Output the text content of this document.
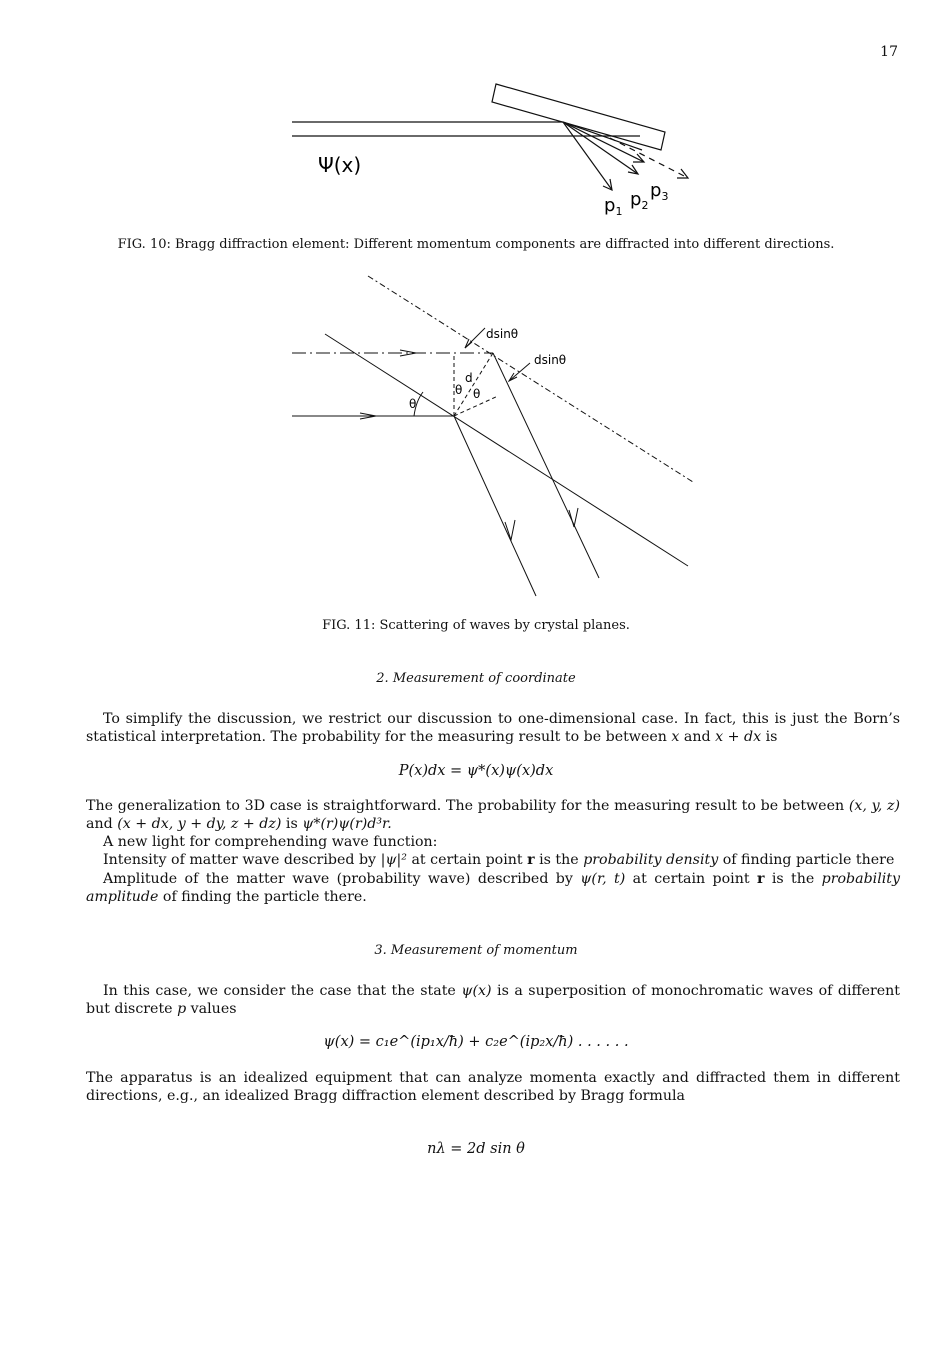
17
Ψ(x)
$p_1$
$p_2$
$p_3$
FIG. 10: Bragg diffraction element: Different momentum components are diffracted into different directions.
dsinθ
dsinθ
d
θ θ
θ
FIG. 11: Scattering of waves by crystal planes.
2. Measurement of coordinate
To simplify the discussion, we restrict our discussion to one-dimensional case. In fact, this is just the Born’s statistical interpretation. The probability for the measuring result to be between x and x + dx is
P(x)dx = ψ*(x)ψ(x)dx
The generalization to 3D case is straightforward. The probability for the measuring result to be between (x, y, z) and (x + dx, y + dy, z + dz) is ψ*(r)ψ(r)d³r.
A new light for comprehending wave function:
Intensity of matter wave described by |ψ|² at certain point r is the probability density of finding particle there
Amplitude of the matter wave (probability wave) described by ψ(r, t) at certain point r is the probability amplitude of finding the particle there.
3. Measurement of momentum
In this case, we consider the case that the state ψ(x) is a superposition of monochromatic waves of different but discrete p values
ψ(x) = c₁e^(ip₁x/ħ) + c₂e^(ip₂x/ħ) . . . . . .
The apparatus is an idealized equipment that can analyze momenta exactly and diffracted them in different directions, e.g., an idealized Bragg diffraction element described by Bragg formula
nλ = 2d sin θ
